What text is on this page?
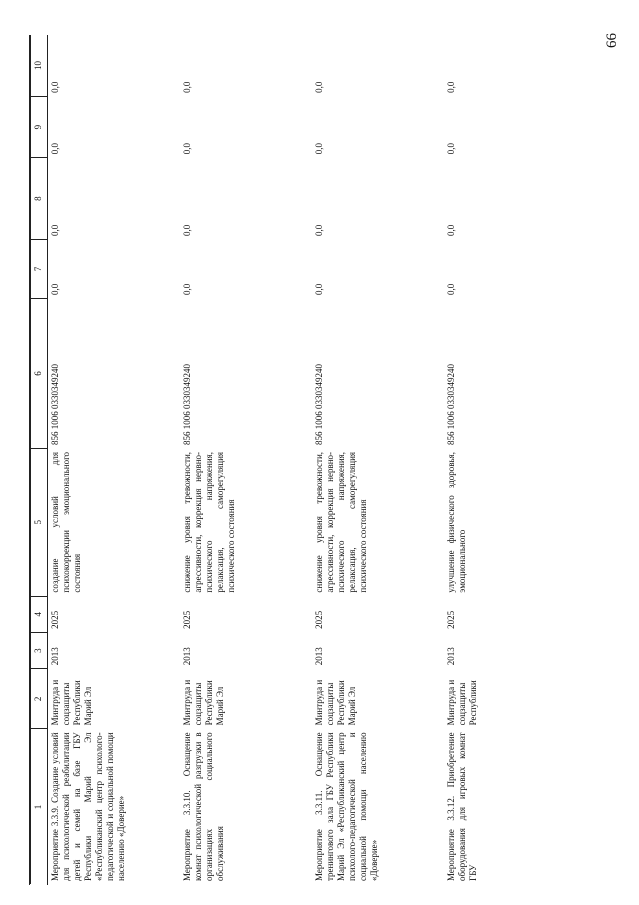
66
1	2	3	4	5	6	7	8	9	10
Мероприятие 3.3.9. Создание условий для психологической реабилитации детей и семей на базе ГБУ Республики Марий Эл «Республиканский центр психолого-педагогической и социальной помощи населению «Доверие»	Минтруда и соцзащиты Республики Марий Эл	2013	2025	создание условий для психокоррекции эмоционального состояния	856 1006 0330349240	0,0	0,0	0,0	0,0
Мероприятие 3.3.10. Оснащение комнат психологической разгрузки в организациях социального обслуживания	Минтруда и соцзащиты Республики Марий Эл	2013	2025	снижение уровня тревожности, агрессивности, коррекция нервно-психического напряжения, релаксация, саморегуляция психического состояния	856 1006 0330349240	0,0	0,0	0,0	0,0
Мероприятие 3.3.11. Оснащение тренингового зала ГБУ Республики Марий Эл «Республиканский центр психолого-педагогической и социальной помощи населению «Доверие»	Минтруда и соцзащиты Республики Марий Эл	2013	2025	снижение уровня тревожности, агрессивности, коррекция нервно-психического напряжения, релаксация, саморегуляция психического состояния	856 1006 0330349240	0,0	0,0	0,0	0,0
Мероприятие 3.3.12. Приобретение оборудования для игровых комнат ГБУ	Минтруда и соцзащиты Республики	2013	2025	улучшение физического здоровья, эмоционального	856 1006 0330349240	0,0	0,0	0,0	0,0
